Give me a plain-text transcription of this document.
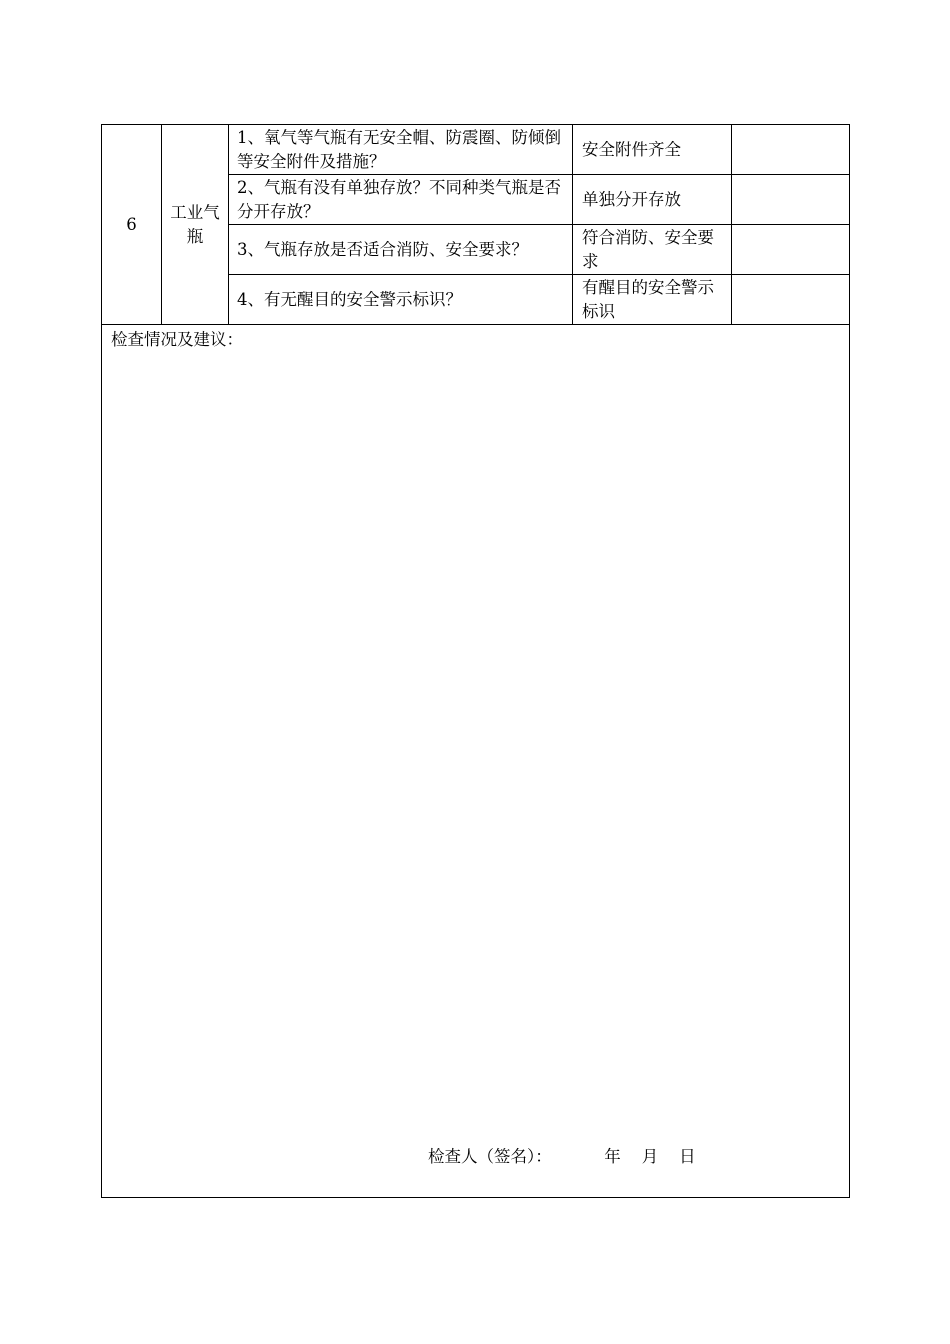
6	工业气瓶	1、氧气等气瓶有无安全帽、防震圈、防倾倒等安全附件及措施？	安全附件齐全	
		2、气瓶有没有单独存放？不同种类气瓶是否分开存放？	单独分开存放	
		3、气瓶存放是否适合消防、安全要求？	符合消防、安全要求	
		4、有无醒目的安全警示标识？	有醒目的安全警示标识	

检查情况及建议：
检查人（签名）： 年 月 日				
